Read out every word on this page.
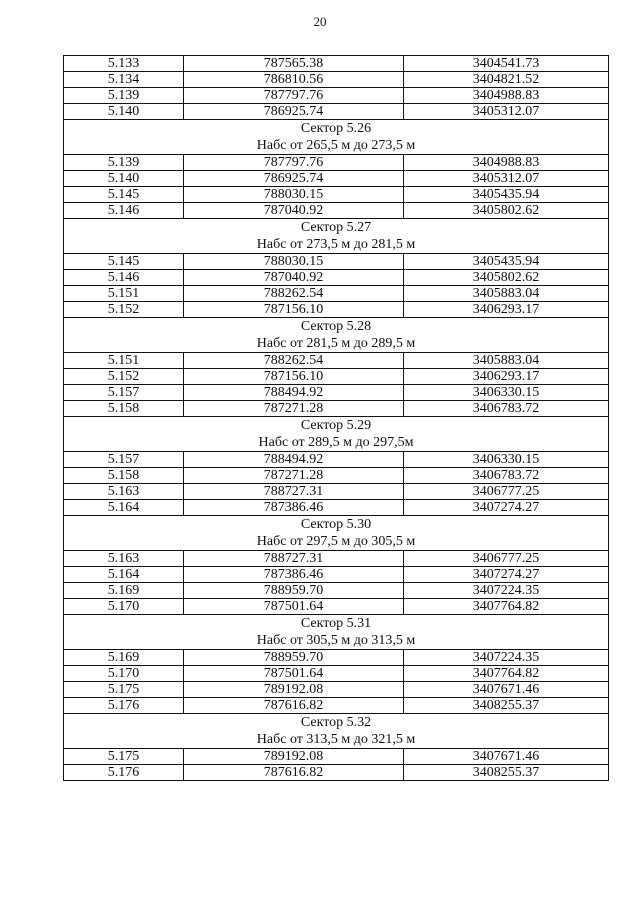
20
5.133	787565.38	3404541.73
5.134	786810.56	3404821.52
5.139	787797.76	3404988.83
5.140	786925.74	3405312.07

Сектор 5.26
Набс от 265,5 м до 273,5 м		

5.139	787797.76	3404988.83
5.140	786925.74	3405312.07
5.145	788030.15	3405435.94
5.146	787040.92	3405802.62

Сектор 5.27
Набс от 273,5 м до 281,5 м		

5.145	788030.15	3405435.94
5.146	787040.92	3405802.62
5.151	788262.54	3405883.04
5.152	787156.10	3406293.17

Сектор 5.28
Набс от 281,5 м до 289,5 м		

5.151	788262.54	3405883.04
5.152	787156.10	3406293.17
5.157	788494.92	3406330.15
5.158	787271.28	3406783.72

Сектор 5.29
Набс от 289,5 м до 297,5м		

5.157	788494.92	3406330.15
5.158	787271.28	3406783.72
5.163	788727.31	3406777.25
5.164	787386.46	3407274.27

Сектор 5.30
Набс от 297,5 м до 305,5 м		

5.163	788727.31	3406777.25
5.164	787386.46	3407274.27
5.169	788959.70	3407224.35
5.170	787501.64	3407764.82

Сектор 5.31
Набс от 305,5 м до 313,5 м		

5.169	788959.70	3407224.35
5.170	787501.64	3407764.82
5.175	789192.08	3407671.46
5.176	787616.82	3408255.37

Сектор 5.32
Набс от 313,5 м до 321,5 м		

5.175	789192.08	3407671.46
5.176	787616.82	3408255.37
